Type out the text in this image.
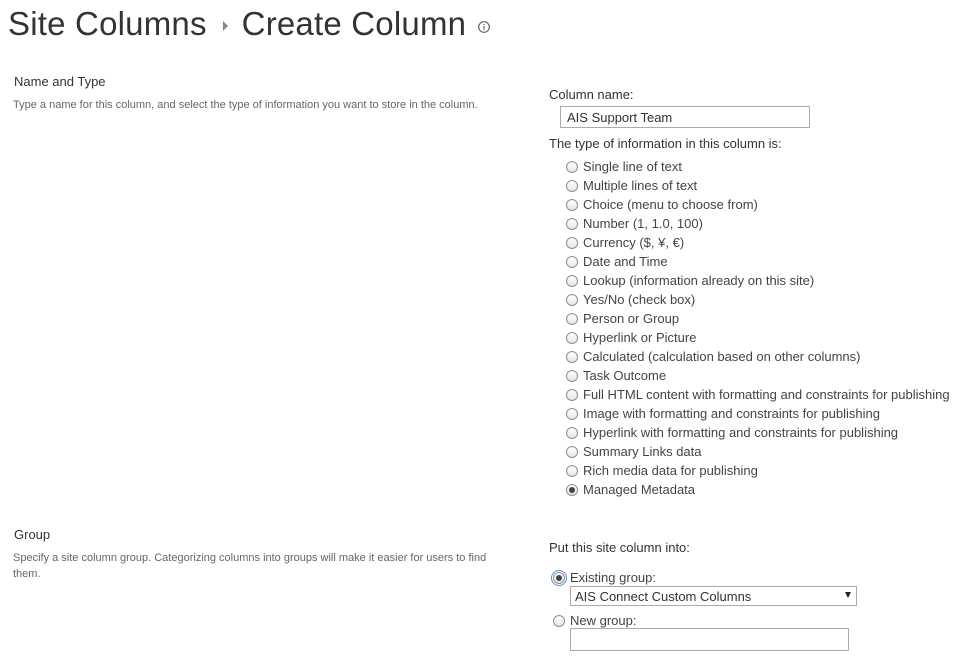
Site Columns Create Column
Name and Type
Type a name for this column, and select the type of information you want to store in the column.
Column name:
AIS Support Team
The type of information in this column is:
Single line of text
Multiple lines of text
Choice (menu to choose from)
Number (1, 1.0, 100)
Currency ($, ¥, €)
Date and Time
Lookup (information already on this site)
Yes/No (check box)
Person or Group
Hyperlink or Picture
Calculated (calculation based on other columns)
Task Outcome
Full HTML content with formatting and constraints for publishing
Image with formatting and constraints for publishing
Hyperlink with formatting and constraints for publishing
Summary Links data
Rich media data for publishing
Managed Metadata
Group
Specify a site column group. Categorizing columns into groups will make it easier for users to find them.
Put this site column into:
Existing group:
AIS Connect Custom Columns
New group:
